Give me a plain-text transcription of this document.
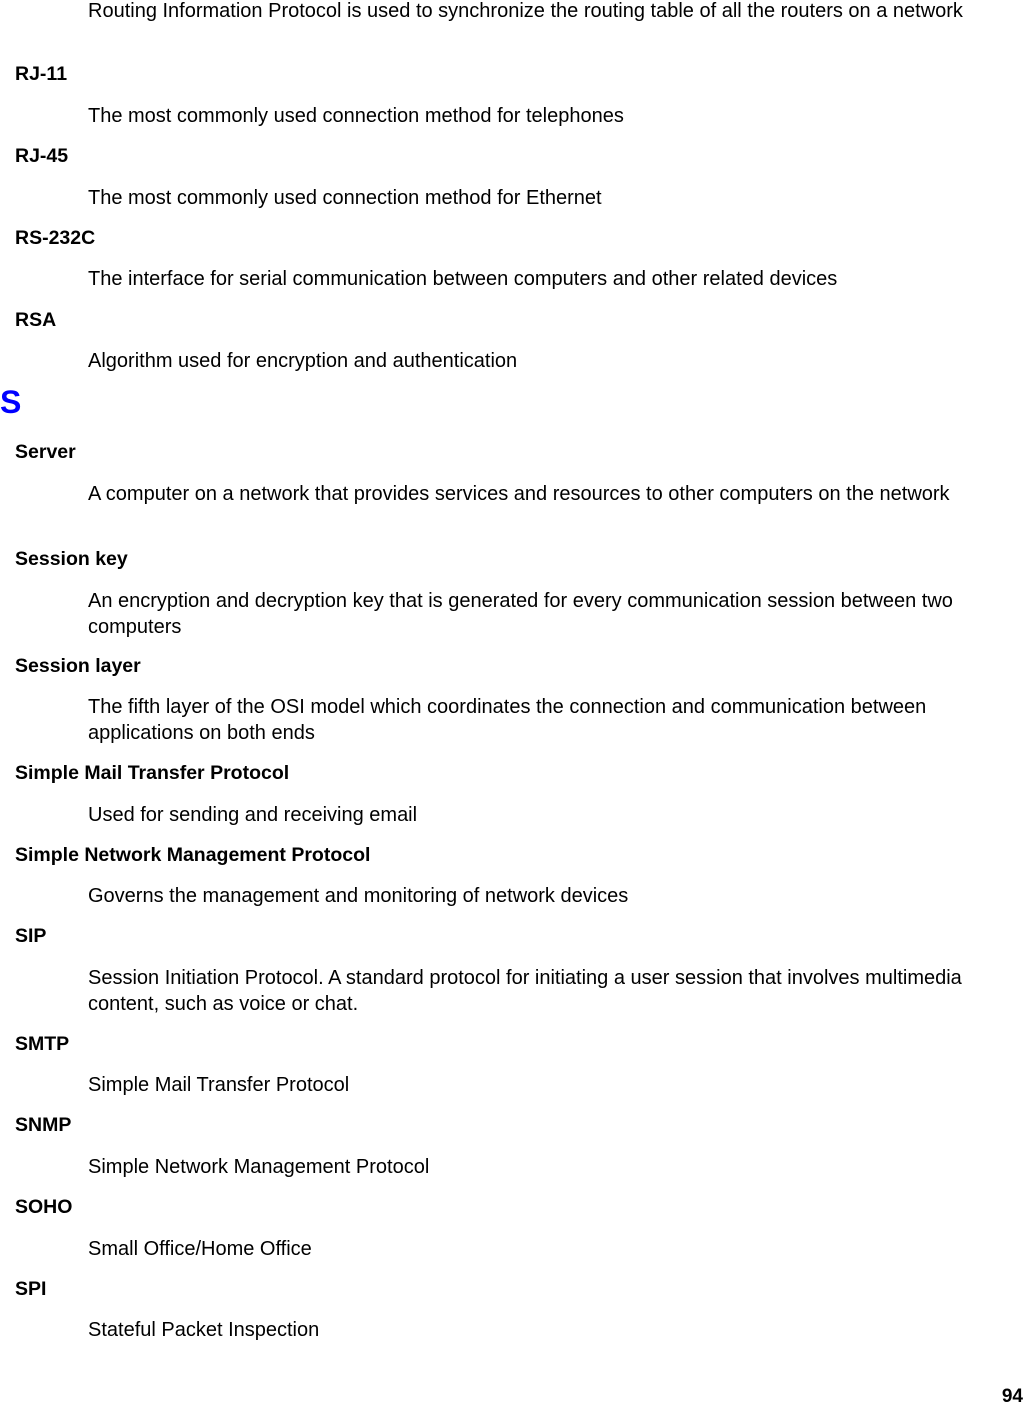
Routing Information Protocol is used to synchronize the routing table of all the routers on a network
RJ-11
The most commonly used connection method for telephones
RJ-45
The most commonly used connection method for Ethernet
RS-232C
The interface for serial communication between computers and other related devices
RSA
Algorithm used for encryption and authentication
S
Server
A computer on a network that provides services and resources to other computers on the network
Session key
An encryption and decryption key that is generated for every communication session between two computers
Session layer
The fifth layer of the OSI model which coordinates the connection and communication between applications on both ends
Simple Mail Transfer Protocol
Used for sending and receiving email
Simple Network Management Protocol
Governs the management and monitoring of network devices
SIP
Session Initiation Protocol. A standard protocol for initiating a user session that involves multimedia content, such as voice or chat.
SMTP
Simple Mail Transfer Protocol
SNMP
Simple Network Management Protocol
SOHO
Small Office/Home Office
SPI
Stateful Packet Inspection
94
